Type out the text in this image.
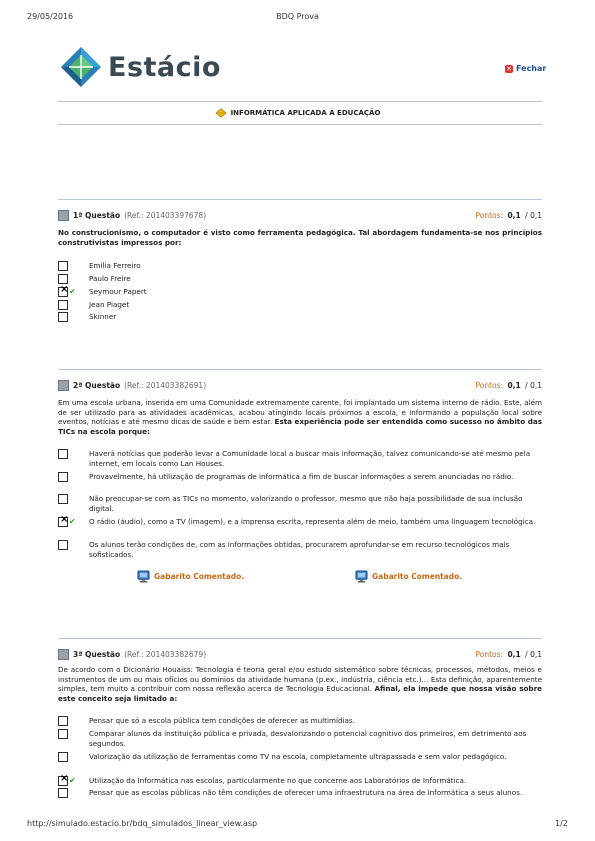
29/05/2016	BDQ Prova
http://simulado.estacio.br/bdq_simulados_linear_view.asp	1/2
Estácio	✕ Fechar
INFORMÁTICA APLICADA À EDUCAÇÃO
1ª Questão (Ref.: 201403397678)	Pontos: 0,1 / 0,1
No construcionismo, o computador é visto como ferramenta pedagógica. Tal abordagem fundamenta-se nos princípios construtivistas impressos por:
Emília Ferreiro
Paulo Freire
×
✔	Seymour Papert
Jean Piaget
Skinner
2ª Questão (Ref.: 201403382691)	Pontos: 0,1 / 0,1
Em uma escola urbana, inserida em uma Comunidade extremamente carente, foi implantado um sistema interno de rádio. Este, além de ser utilizado para as atividades acadêmicas, acabou atingindo locais próximos a escola, e informando a população local sobre eventos, notícias e até mesmo dicas de saúde e bem estar. Esta experiência pode ser entendida como sucesso no âmbito das TICs na escola porque:
Haverá notícias que poderão levar a Comunidade local a buscar mais informação, talvez comunicando-se até mesmo pela internet, em locais como Lan Houses.
Provavelmente, há utilização de programas de informática a fim de buscar informações a serem anunciadas no rádio.
Não preocupar-se com as TICs no momento, valorizando o professor, mesmo que não haja possibilidade de sua inclusão digital.
×
✔	O rádio (áudio), como a TV (imagem), e a imprensa escrita, representa além de meio, também uma linguagem tecnológica.
Os alunos terão condições de, com as informações obtidas, procurarem aprofundar-se em recurso tecnológicos mais sofisticados.
Gabarito Comentado.	Gabarito Comentado.
3ª Questão (Ref.: 201403382679)	Pontos: 0,1 / 0,1
De acordo com o Dicionário Houaiss: Tecnologia é teoria geral e/ou estudo sistemático sobre técnicas, processos, métodos, meios e instrumentos de um ou mais ofícios ou domínios da atividade humana (p.ex., indústria, ciência etc.)... Esta definição, aparentemente simples, tem muito a contribuir com nossa reflexão acerca de Tecnologia Educacional. Afinal, ela impede que nossa visão sobre este conceito seja limitado a:
Pensar que só a escola pública tem condições de oferecer as multimídias.
Comparar alunos da instituição pública e privada, desvalorizando o potencial cognitivo dos primeiros, em detrimento aos segundos.
Valorização da utilização de ferramentas como TV na escola, completamente ultrapassada e sem valor pedagógico.
×
✔	Utilização da Informática nas escolas, particularmente no que concerne aos Laboratórios de Informática.
Pensar que as escolas públicas não têm condições de oferecer uma infraestrutura na área de informática a seus alunos.
